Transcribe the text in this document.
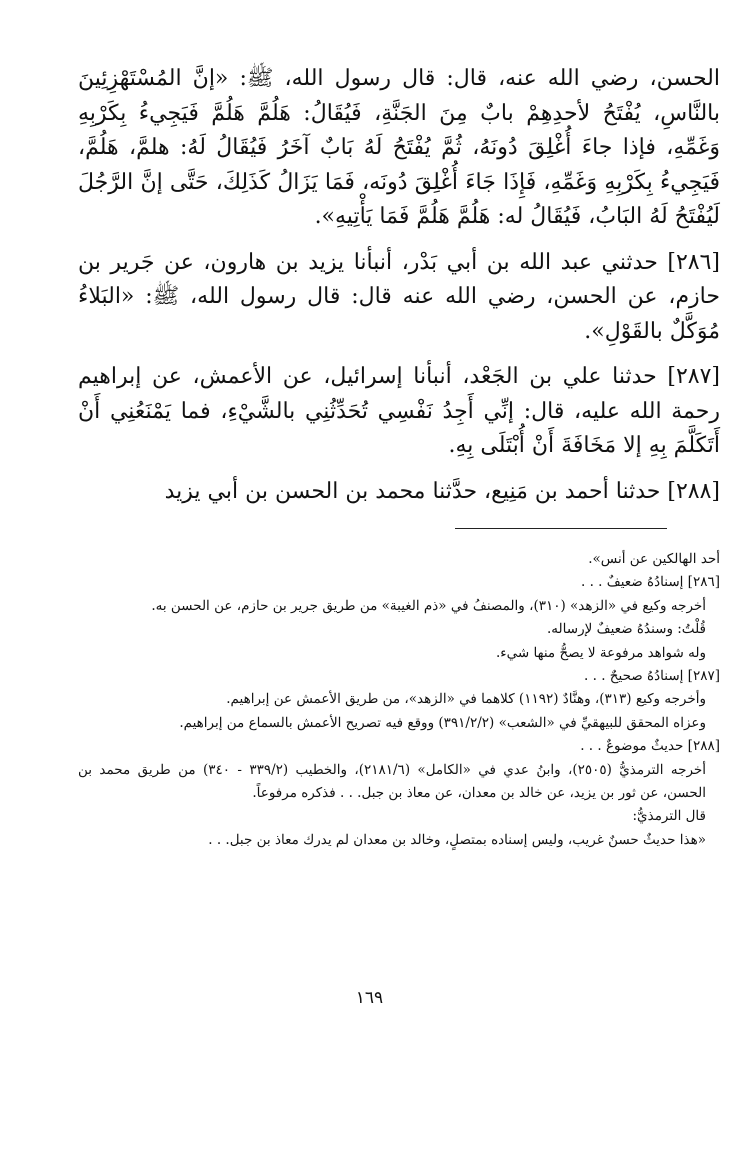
الحسن، رضي الله عنه، قال: قال رسول الله، ﷺ: «إنَّ المُسْتَهْزِئِينَ بالنَّاسِ، يُفْتَحُ لأحدِهِمْ بابٌ مِنَ الجَنَّةِ، فَيُقَالُ: هَلُمَّ هَلُمَّ فَيَجِيءُ بِكَرْبِهِ وَغَمِّهِ، فإذا جاءَ أُغْلِقَ دُونَهُ، ثُمَّ يُفْتَحُ لَهُ بَابٌ آخَرُ فَيُقَالُ لَهُ: هلمَّ، هَلُمَّ، فَيَجِيءُ بِكَرْبِهِ وَغَمِّهِ، فَإِذَا جَاءَ أُغْلِقَ دُونَه، فَمَا يَزَالُ كَذَلِكَ، حَتَّى إنَّ الرَّجُلَ لَيُفْتَحُ لَهُ البَابُ، فَيُقَالُ له: هَلُمَّ هَلُمَّ فَمَا يَأْتِيهِ».

[٢٨٦] حدثني عبد الله بن أبي بَدْر، أنبأنا يزيد بن هارون، عن جَرير بن حازم، عن الحسن، رضي الله عنه قال: قال رسول الله، ﷺ: «البَلاءُ مُوَكَّلٌ بالقَوْلِ».

[٢٨٧] حدثنا علي بن الجَعْد، أنبأنا إسرائيل، عن الأعمش، عن إبراهيم رحمة الله عليه، قال: إنِّي أَجِدُ نَفْسِي تُحَدِّثُنِي بالشَّيْءِ، فما يَمْنَعُنِي أَنْ أَتَكَلَّمَ بِهِ إلا مَخَافَةَ أَنْ أُبْتَلَى بِهِ.

[٢٨٨] حدثنا أحمد بن مَنِيع، حدَّثنا محمد بن الحسن بن أبي يزيد

أحد الهالكين عن أنس».

[٢٨٦] إسنادُهُ ضعيفٌ . . .

أخرجه وكيع في «الزهد» (٣١٠)، والمصنفُ في «ذم الغيبة» من طريق جرير بن حازم، عن الحسن به.

قُلْتُ: وسندُهُ ضعيفٌ لإرساله.

وله شواهد مرفوعة لا يصحُّ منها شيء.

[٢٨٧] إسنادُهُ صحيحٌ . . .

وأخرجه وكيع (٣١٣)، وهنَّادٌ (١١٩٢) كلاهما في «الزهد»، من طريق الأعمش عن إبراهيم.

وعزاه المحقق للبيهقيِّ في «الشعب» (٣٩١/٢/٢) ووقع فيه تصريح الأعمش بالسماع من إبراهيم.

[٢٨٨] حديثٌ موضوعٌ . . .

أخرجه الترمذيُّ (٢٥٠٥)، وابنُ عدي في «الكامل» (٢١٨١/٦)، والخطيب (٣٣٩/٢ - ٣٤٠) من طريق محمد بن الحسن، عن ثور بن يزيد، عن خالد بن معدان، عن معاذ بن جبل. . . فذكره مرفوعاً.

قال الترمذيُّ:

«هذا حديثٌ حسنٌ غريب، وليس إسناده بمتصلٍ، وخالد بن معدان لم يدرك معاذ بن جبل. . .

١٦٩
